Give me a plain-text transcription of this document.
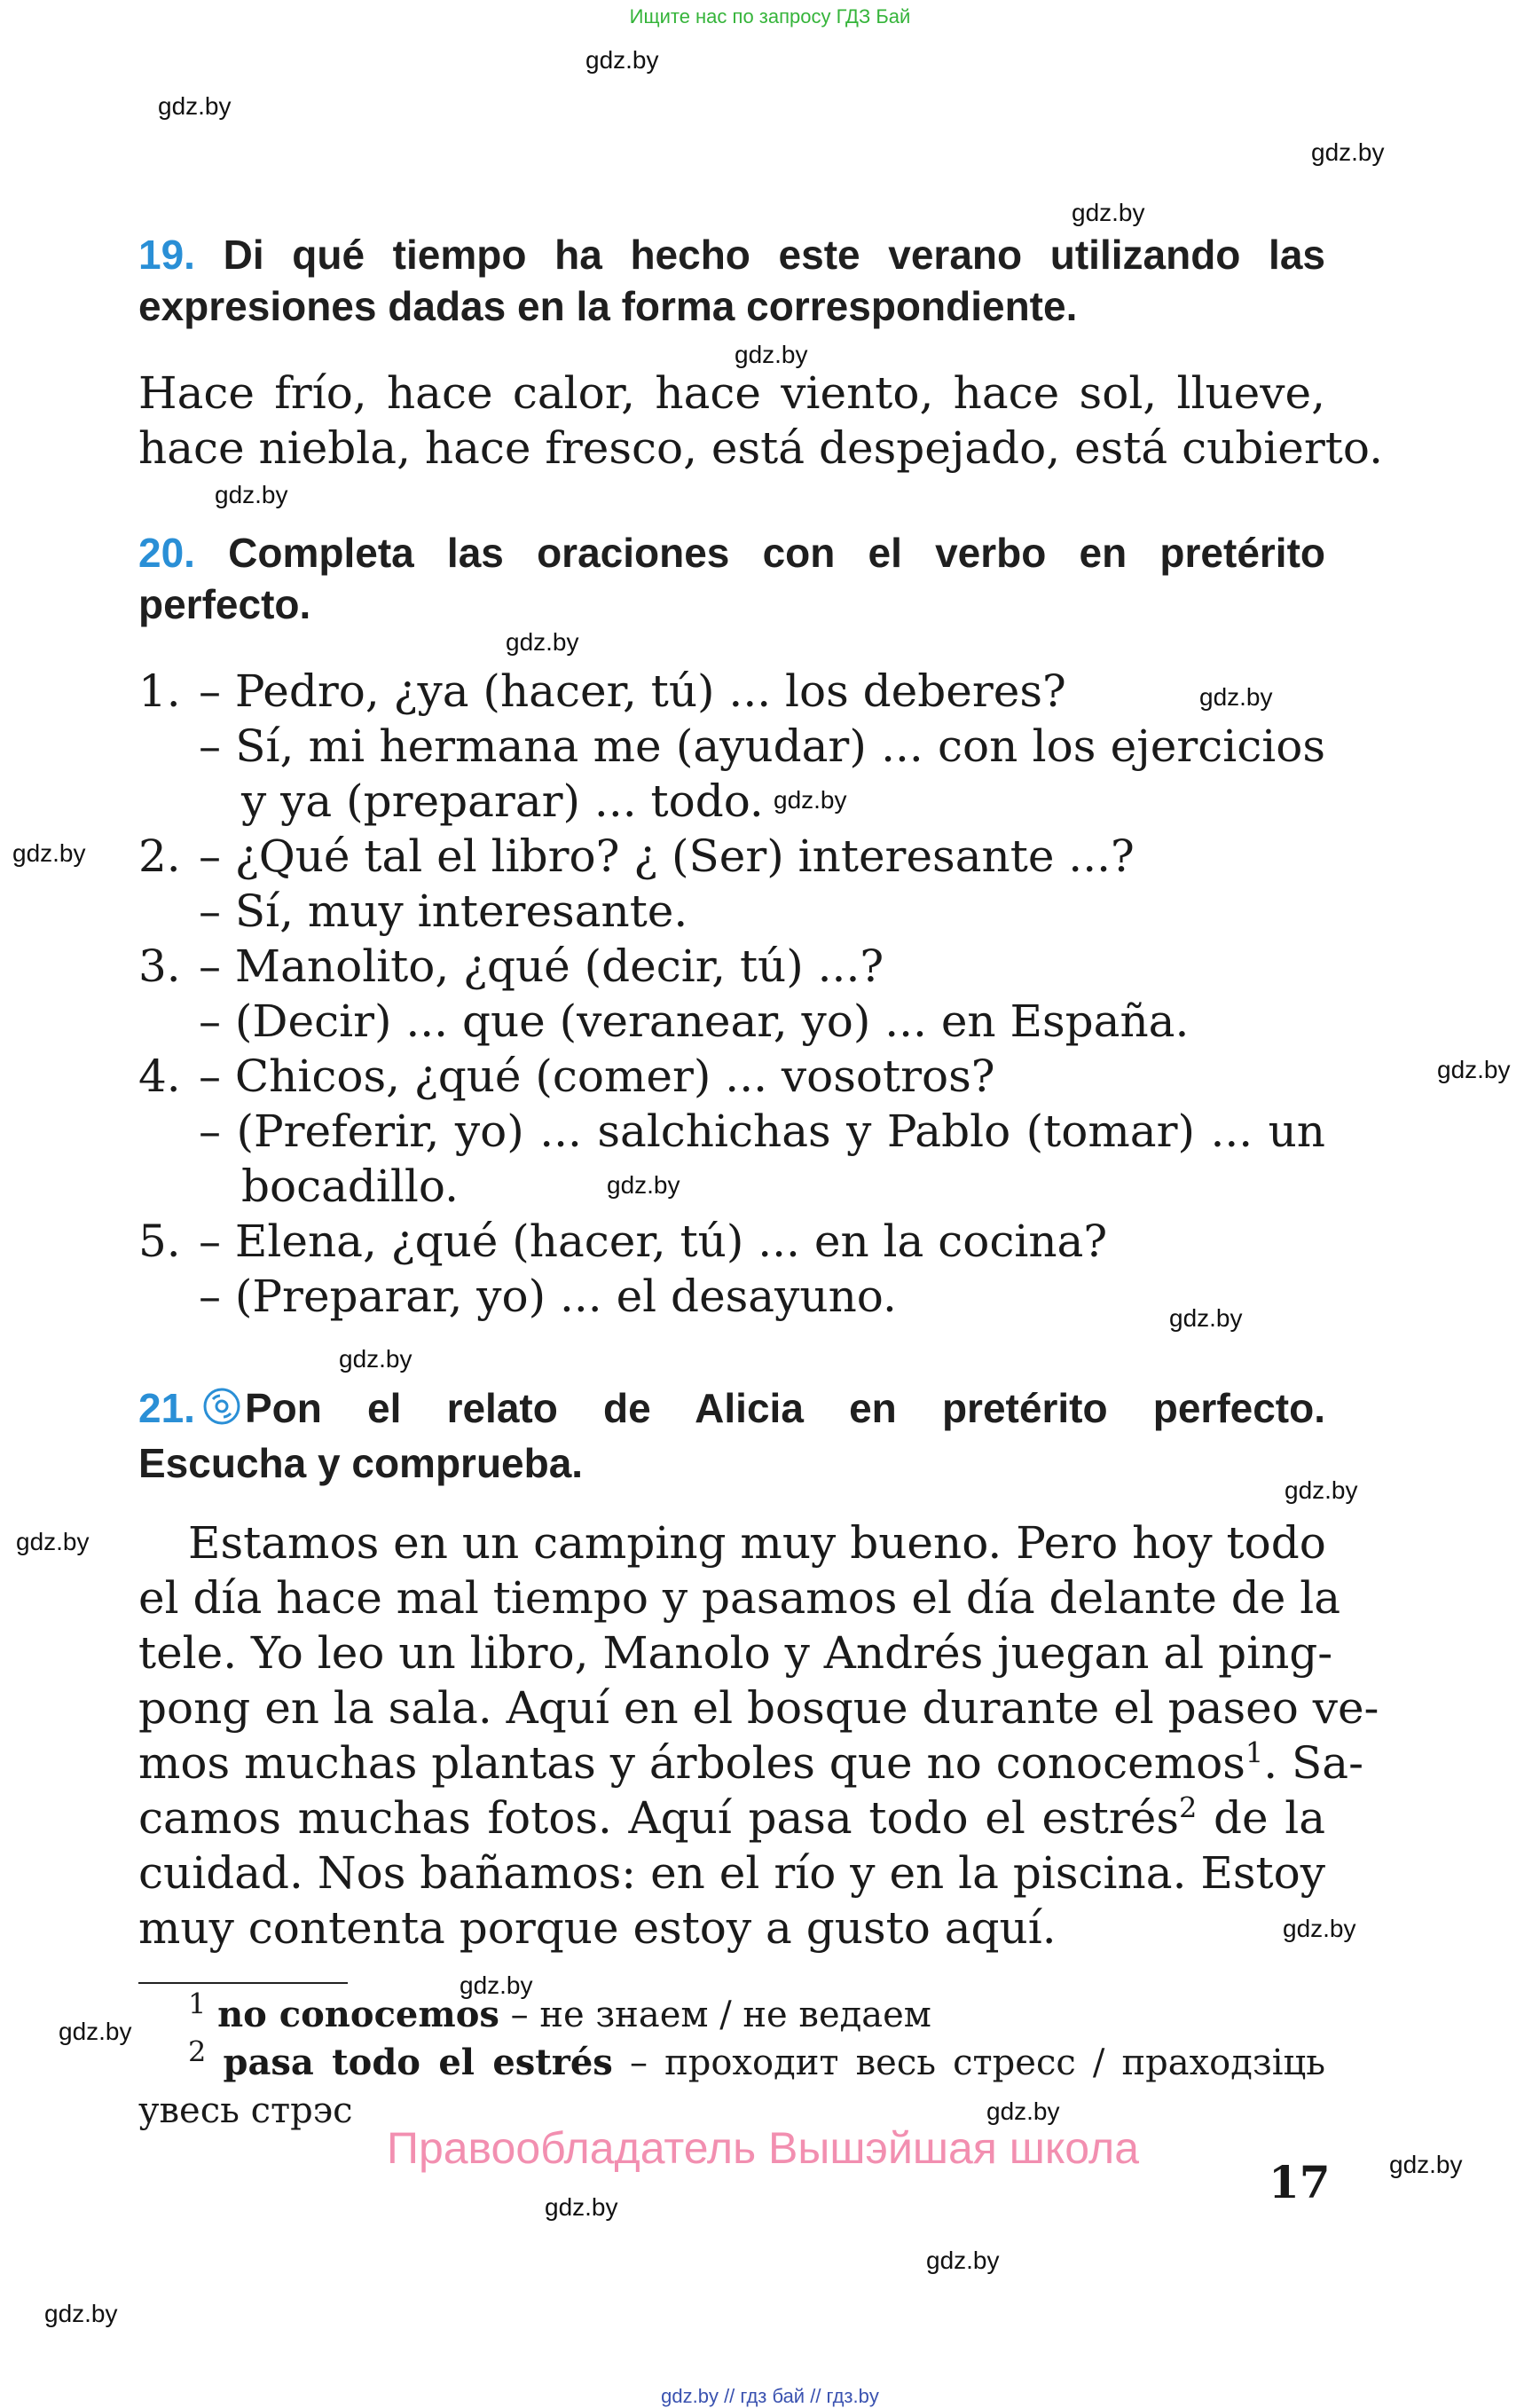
Ищите нас по запросу ГДЗ Бай
gdz.by
gdz.by
gdz.by
gdz.by
gdz.by
gdz.by
gdz.by
gdz.by
gdz.by
gdz.by
gdz.by
gdz.by
gdz.by
gdz.by
gdz.by
gdz.by
gdz.by
gdz.by
gdz.by
gdz.by
gdz.by
gdz.by
gdz.by
gdz.by
19. Di qué tiempo ha hecho este verano utilizando las
expresiones dadas en la forma correspondiente.
Hace frío, hace calor, hace viento, hace sol, llueve,
hace niebla, hace fresco, está despejado, está cubierto.
20. Completa las oraciones con el verbo en pretérito
perfecto.
1. – Pedro, ¿ya (hacer, tú) ... los deberes?
– Sí, mi hermana me (ayudar) ... con los ejercicios
y ya (preparar) ... todo.
2. – ¿Qué tal el libro? ¿ (Ser) interesante ...?
– Sí, muy interesante.
3. – Manolito, ¿qué (decir, tú) ...?
– (Decir) ... que (veranear, yo) ... en España.
4. – Chicos, ¿qué (comer) ... vosotros?
– (Preferir, yo) ... salchichas y Pablo (tomar) ... un
bocadillo.
5. – Elena, ¿qué (hacer, tú) ... en la cocina?
– (Preparar, yo) ... el desayuno.
21. Pon el relato de Alicia en pretérito perfecto.
Escucha y comprueba.
Estamos en un camping muy bueno. Pero hoy todo
el día hace mal tiempo y pasamos el día delante de la
tele. Yo leo un libro, Manolo y Andrés juegan al ping-
pong en la sala. Aquí en el bosque durante el paseo ve-
mos muchas plantas y árboles que no conocemos$^1$. Sa-
camos muchas fotos. Aquí pasa todo el estrés$^2$ de la
cuidad. Nos bañamos: en el río y en la piscina. Estoy
muy contenta porque estoy a gusto aquí.
$^1$ no conocemos – не знаем / не ведаем
$^2$ pasa todo el estrés – проходит весь стресс / праходзіць
увесь стрэс
Правообладатель Вышэйшая школа
17
gdz.by // гдз бай // гдз.by
